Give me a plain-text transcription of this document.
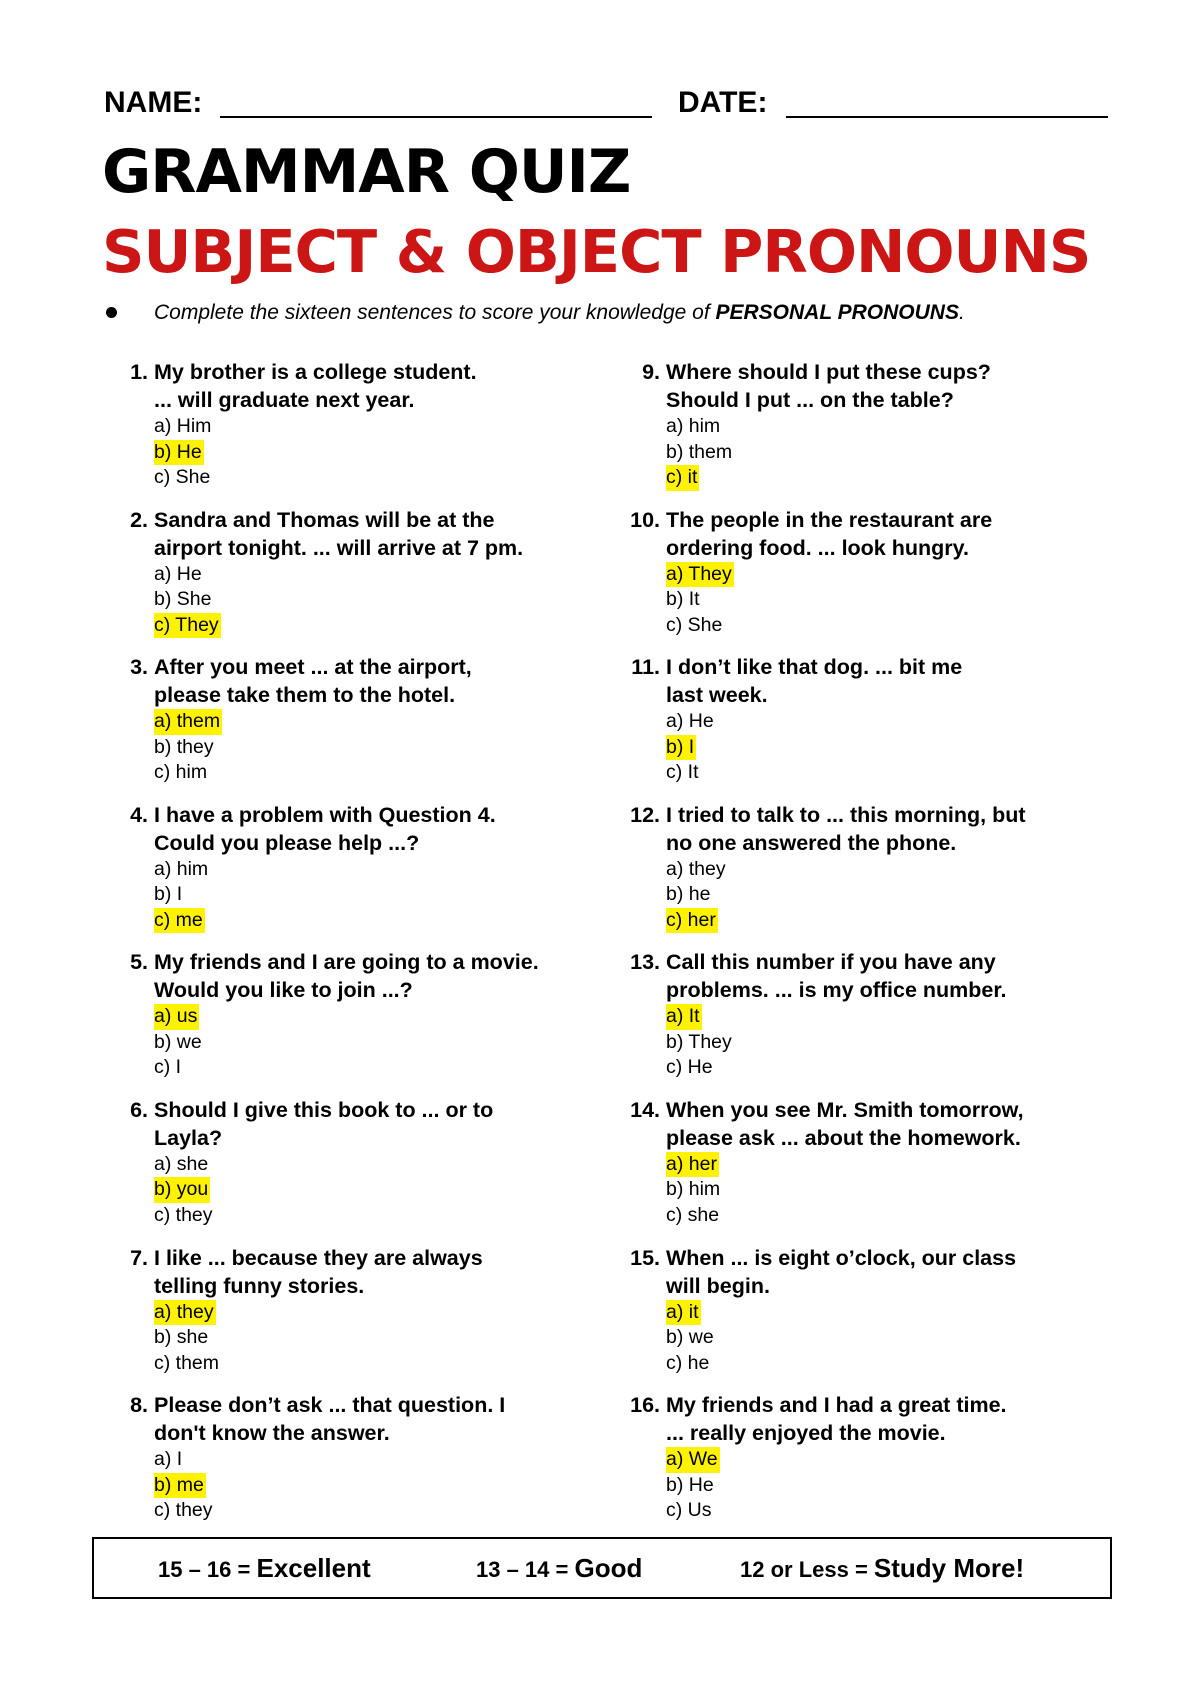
NAME:	DATE:
GRAMMAR QUIZ
SUBJECT & OBJECT PRONOUNS
Complete the sixteen sentences to score your knowledge of PERSONAL PRONOUNS.
1. My brother is a college student.
... will graduate next year.
a) Him
b) He
c) She
2. Sandra and Thomas will be at the
airport tonight. ... will arrive at 7 pm.
a) He
b) She
c) They
3. After you meet ... at the airport,
please take them to the hotel.
a) them
b) they
c) him
4. I have a problem with Question 4.
Could you please help ...?
a) him
b) I
c) me
5. My friends and I are going to a movie.
Would you like to join ...?
a) us
b) we
c) I
6. Should I give this book to ... or to
Layla?
a) she
b) you
c) they
7. I like ... because they are always
telling funny stories.
a) they
b) she
c) them
8. Please don’t ask ... that question. I
don't know the answer.
a) I
b) me
c) they
9. Where should I put these cups?
Should I put ... on the table?
a) him
b) them
c) it
10. The people in the restaurant are
ordering food. ... look hungry.
a) They
b) It
c) She
11. I don’t like that dog. ... bit me
last week.
a) He
b) I
c) It
12. I tried to talk to ... this morning, but
no one answered the phone.
a) they
b) he
c) her
13. Call this number if you have any
problems. ... is my office number.
a) It
b) They
c) He
14. When you see Mr. Smith tomorrow,
please ask ... about the homework.
a) her
b) him
c) she
15. When ... is eight o’clock, our class
will begin.
a) it
b) we
c) he
16. My friends and I had a great time.
... really enjoyed the movie.
a) We
b) He
c) Us
15 – 16 = Excellent	13 – 14 = Good	12 or Less = Study More!
